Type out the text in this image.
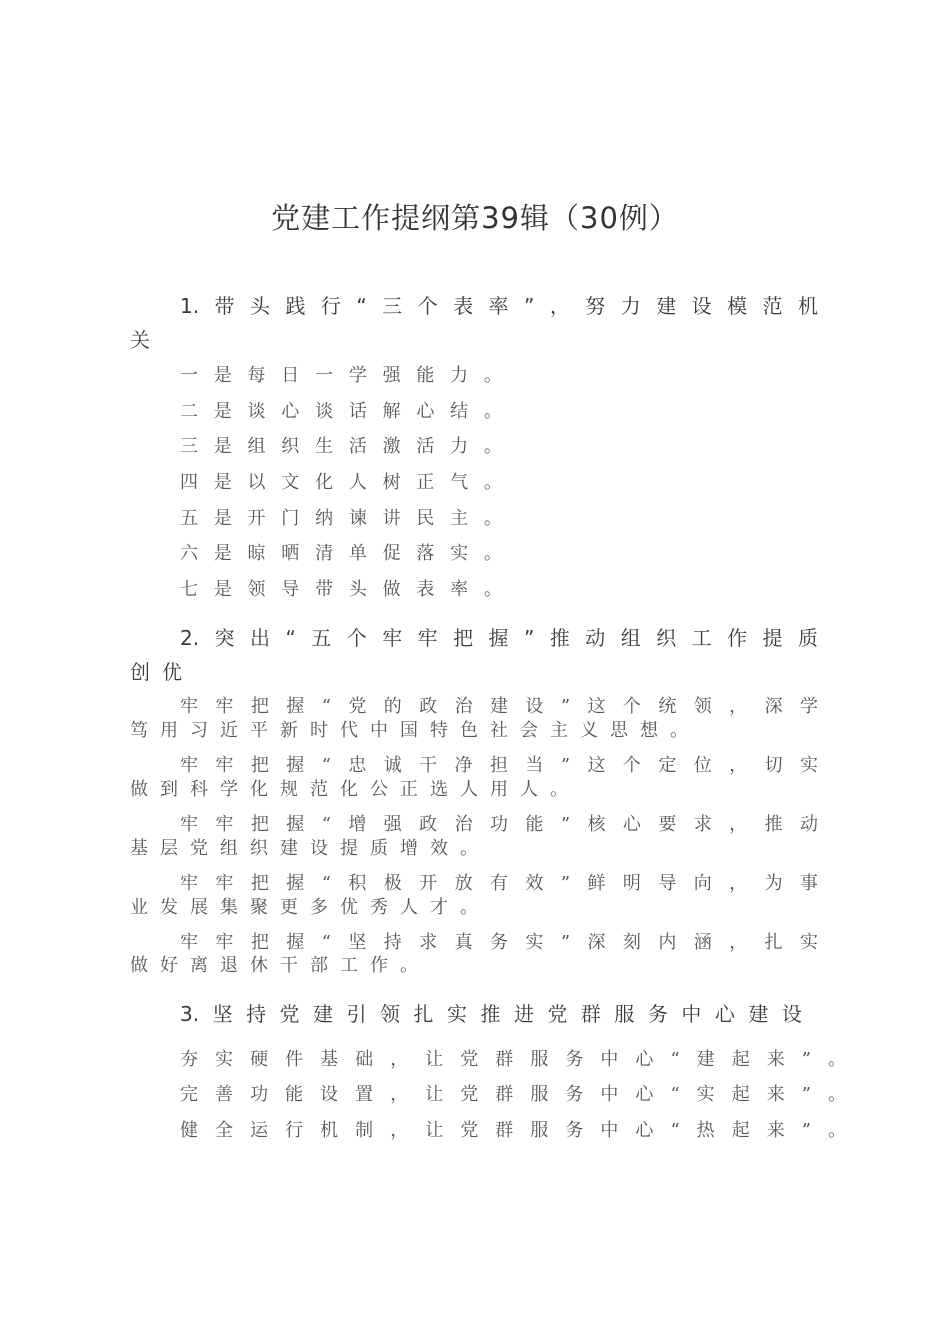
党建工作提纲第39辑（30例）
1. 带 头 践 行 “ 三 个 表 率 ” ， 努 力 建 设 模 范 机
关
一 是 每 日 一 学 强 能 力 。
二 是 谈 心 谈 话 解 心 结 。
三 是 组 织 生 活 激 活 力 。
四 是 以 文 化 人 树 正 气 。
五 是 开 门 纳 谏 讲 民 主 。
六 是 晾 晒 清 单 促 落 实 。
七 是 领 导 带 头 做 表 率 。
2. 突 出 “ 五 个 牢 牢 把 握 ” 推 动 组 织 工 作 提 质
创 优
牢 牢 把 握 “ 党 的 政 治 建 设 ” 这 个 统 领 ， 深 学
笃 用 习 近 平 新 时 代 中 国 特 色 社 会 主 义 思 想 。
牢 牢 把 握 “ 忠 诚 干 净 担 当 ” 这 个 定 位 ， 切 实
做 到 科 学 化 规 范 化 公 正 选 人 用 人 。
牢 牢 把 握 “ 增 强 政 治 功 能 ” 核 心 要 求 ， 推 动
基 层 党 组 织 建 设 提 质 增 效 。
牢 牢 把 握 “ 积 极 开 放 有 效 ” 鲜 明 导 向 ， 为 事
业 发 展 集 聚 更 多 优 秀 人 才 。
牢 牢 把 握 “ 坚 持 求 真 务 实 ” 深 刻 内 涵 ， 扎 实
做 好 离 退 休 干 部 工 作 。
3. 坚 持 党 建 引 领 扎 实 推 进 党 群 服 务 中 心 建 设
夯 实 硬 件 基 础 ， 让 党 群 服 务 中 心 “ 建 起 来 ” 。
完 善 功 能 设 置 ， 让 党 群 服 务 中 心 “ 实 起 来 ” 。
健 全 运 行 机 制 ， 让 党 群 服 务 中 心 “ 热 起 来 ” 。
